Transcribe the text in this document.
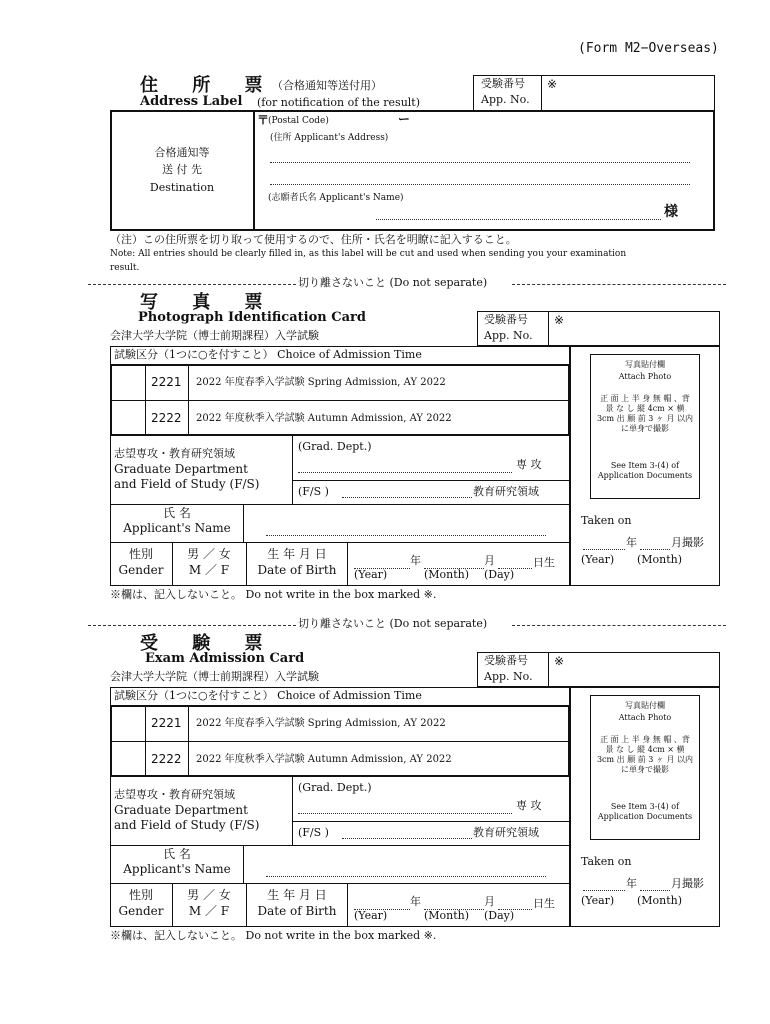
(Form M2−Overseas)
住 所 票
（合格通知等送付用）
Address Label (for notification of the result)
受験番号
App. No.
※
合格通知等
送 付 先
Destination
〒
(Postal Code)	ー
(住所 Applicant's Address)
(志願者氏名 Applicant's Name)
様
（注）この住所票を切り取って使用するので、住所・氏名を明瞭に記入すること。
Note: All entries should be clearly filled in, as this label will be cut and used when sending you your examination
result.
切り離さないこと (Do not separate)
写 真 票
Photograph Identification Card
会津大学大学院（博士前期課程）入学試験
受験番号
App. No.
※
試験区分（1つに○を付すこと） Choice of Admission Time
2221 2022 年度春季入学試験 Spring Admission, AY 2022
2222 2022 年度秋季入学試験 Autumn Admission, AY 2022
志望専攻・教育研究領域
Graduate Department
and Field of Study (F/S)
(Grad. Dept.)
専 攻
(F/S )	教育研究領域
氏 名
Applicant's Name
性別
Gender
男 ／ 女
M ／ F
生 年 月 日
Date of Birth
年	月	日生
(Year)	(Month) (Day)
写真貼付欄
Attach Photo
正 面 上 半 身 無 帽 、背 景 な し 縦 4cm × 横 3cm 出 願 前 3 ヶ 月 以内に単身で撮影
See Item 3-(4) of Application Documents
Taken on
年	月撮影
(Year) (Month)
※欄は、記入しないこと。 Do not write in the box marked ※.
切り離さないこと (Do not separate)
受 験 票
Exam Admission Card
会津大学大学院（博士前期課程）入学試験
受験番号
App. No.
※
試験区分（1つに○を付すこと） Choice of Admission Time
2221 2022 年度春季入学試験 Spring Admission, AY 2022
2222 2022 年度秋季入学試験 Autumn Admission, AY 2022
志望専攻・教育研究領域
Graduate Department
and Field of Study (F/S)
(Grad. Dept.)
専 攻
(F/S )	教育研究領域
氏 名
Applicant's Name
性別
Gender
男 ／ 女
M ／ F
生 年 月 日
Date of Birth
年	月	日生
(Year)	(Month) (Day)
写真貼付欄
Attach Photo
正 面 上 半 身 無 帽 、背 景 な し 縦 4cm × 横 3cm 出 願 前 3 ヶ 月 以内に単身で撮影
See Item 3-(4) of Application Documents
Taken on
年	月撮影
(Year) (Month)
※欄は、記入しないこと。 Do not write in the box marked ※.
